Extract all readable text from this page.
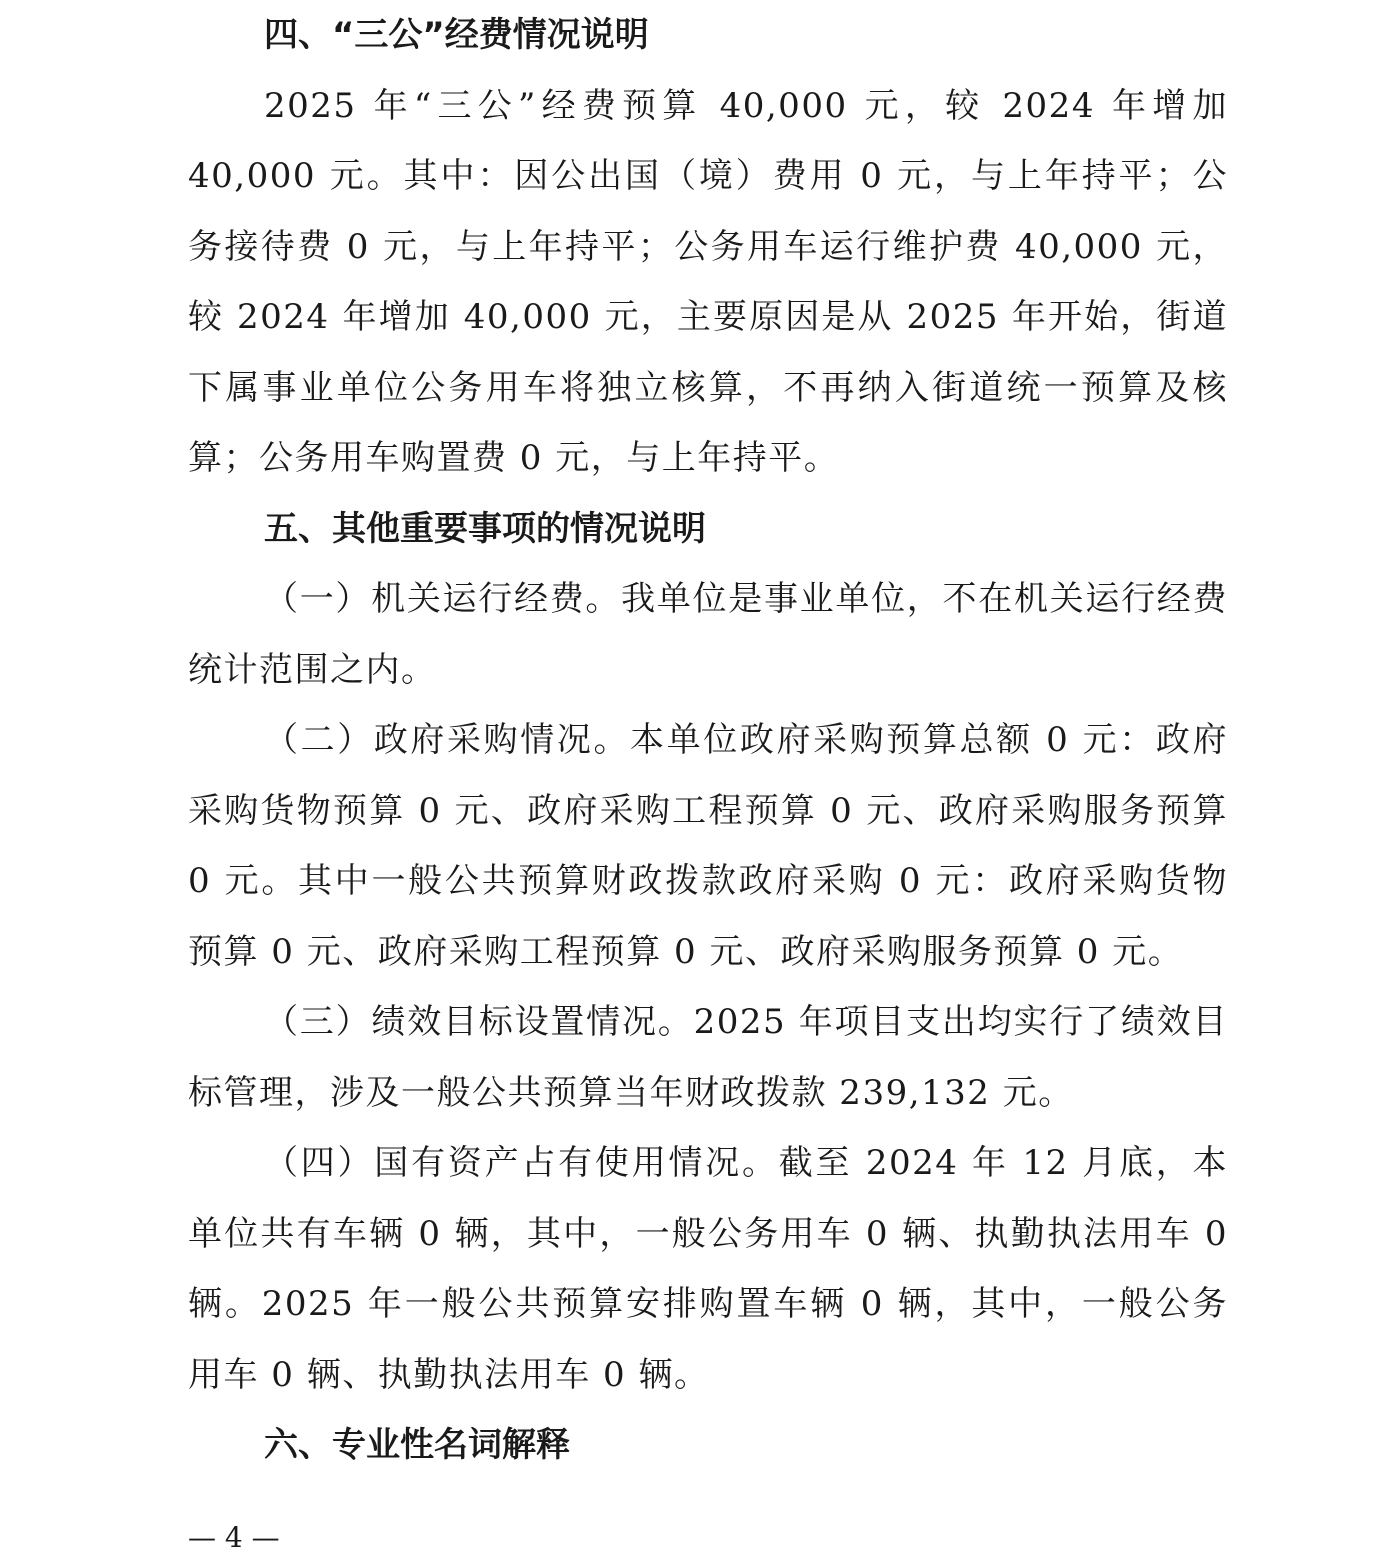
四、“三公”经费情况说明

2025 年“三公”经费预算 40,000 元，较 2024 年增加 40,000 元。其中：因公出国（境）费用 0 元，与上年持平；公务接待费 0 元，与上年持平；公务用车运行维护费 40,000 元，较 2024 年增加 40,000 元，主要原因是从 2025 年开始，街道下属事业单位公务用车将独立核算，不再纳入街道统一预算及核算；公务用车购置费 0 元，与上年持平。

五、其他重要事项的情况说明

（一）机关运行经费。我单位是事业单位，不在机关运行经费统计范围之内。

（二）政府采购情况。本单位政府采购预算总额 0 元：政府采购货物预算 0 元、政府采购工程预算 0 元、政府采购服务预算 0 元。其中一般公共预算财政拨款政府采购 0 元：政府采购货物预算 0 元、政府采购工程预算 0 元、政府采购服务预算 0 元。

（三）绩效目标设置情况。2025 年项目支出均实行了绩效目标管理，涉及一般公共预算当年财政拨款 239,132 元。

（四）国有资产占有使用情况。截至 2024 年 12 月底，本单位共有车辆 0 辆，其中，一般公务用车 0 辆、执勤执法用车 0 辆。2025 年一般公共预算安排购置车辆 0 辆，其中，一般公务用车 0 辆、执勤执法用车 0 辆。

六、专业性名词解释
— 4 —
